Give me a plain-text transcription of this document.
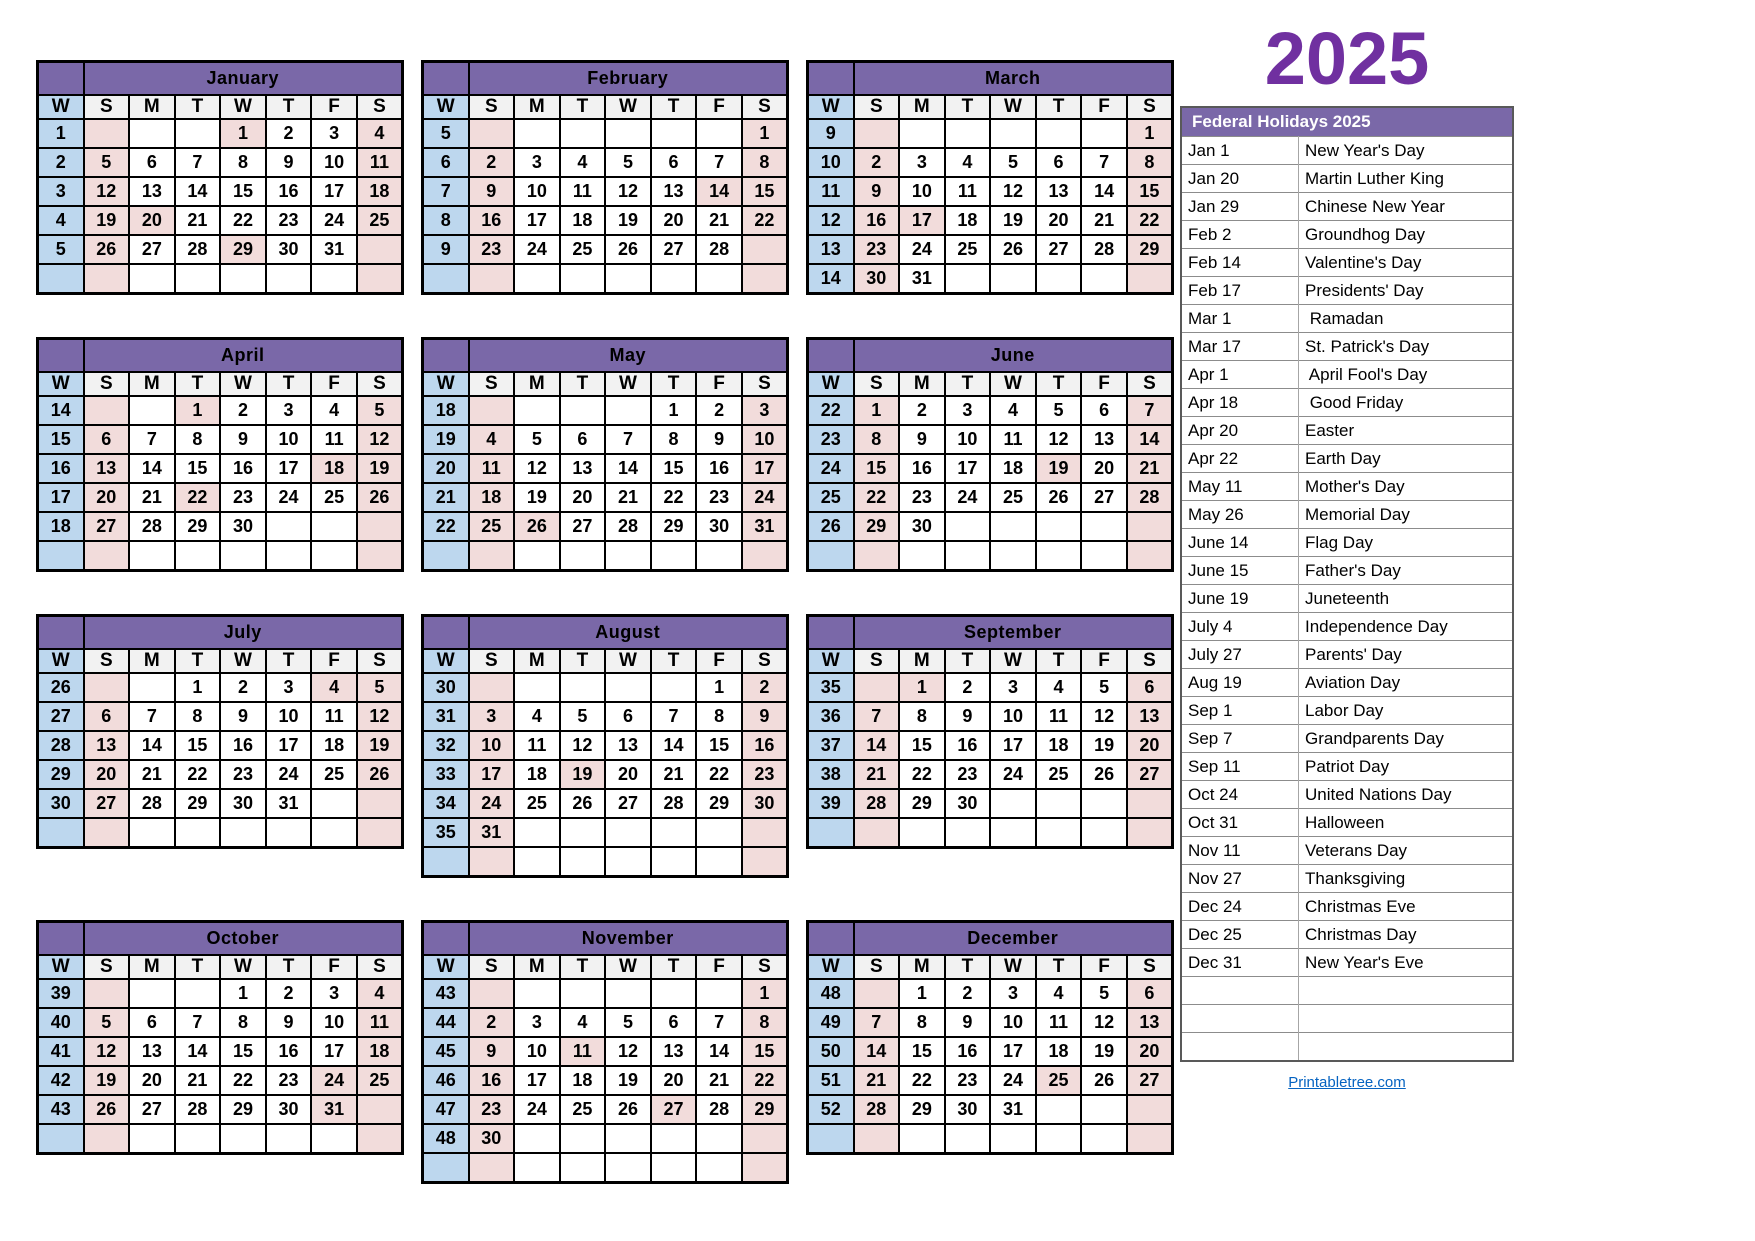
	January						
W	S	M	T	W	T	F	S
1				1	2	3	4
2	5	6	7	8	9	10	11
3	12	13	14	15	16	17	18
4	19	20	21	22	23	24	25
5	26	27	28	29	30	31	

	February						
W	S	M	T	W	T	F	S
5							1
6	2	3	4	5	6	7	8
7	9	10	11	12	13	14	15
8	16	17	18	19	20	21	22
9	23	24	25	26	27	28	

	March						
W	S	M	T	W	T	F	S
9							1
10	2	3	4	5	6	7	8
11	9	10	11	12	13	14	15
12	16	17	18	19	20	21	22
13	23	24	25	26	27	28	29
14	30	31					
	April						
W	S	M	T	W	T	F	S
14			1	2	3	4	5
15	6	7	8	9	10	11	12
16	13	14	15	16	17	18	19
17	20	21	22	23	24	25	26
18	27	28	29	30			

	May						
W	S	M	T	W	T	F	S
18					1	2	3
19	4	5	6	7	8	9	10
20	11	12	13	14	15	16	17
21	18	19	20	21	22	23	24
22	25	26	27	28	29	30	31

	June						
W	S	M	T	W	T	F	S
22	1	2	3	4	5	6	7
23	8	9	10	11	12	13	14
24	15	16	17	18	19	20	21
25	22	23	24	25	26	27	28
26	29	30					

	July						
W	S	M	T	W	T	F	S
26			1	2	3	4	5
27	6	7	8	9	10	11	12
28	13	14	15	16	17	18	19
29	20	21	22	23	24	25	26
30	27	28	29	30	31		

	August						
W	S	M	T	W	T	F	S
30						1	2
31	3	4	5	6	7	8	9
32	10	11	12	13	14	15	16
33	17	18	19	20	21	22	23
34	24	25	26	27	28	29	30
35	31						

	September						
W	S	M	T	W	T	F	S
35		1	2	3	4	5	6
36	7	8	9	10	11	12	13
37	14	15	16	17	18	19	20
38	21	22	23	24	25	26	27
39	28	29	30				

	October						
W	S	M	T	W	T	F	S
39				1	2	3	4
40	5	6	7	8	9	10	11
41	12	13	14	15	16	17	18
42	19	20	21	22	23	24	25
43	26	27	28	29	30	31	

	November						
W	S	M	T	W	T	F	S
43							1
44	2	3	4	5	6	7	8
45	9	10	11	12	13	14	15
46	16	17	18	19	20	21	22
47	23	24	25	26	27	28	29
48	30						

	December						
W	S	M	T	W	T	F	S
48		1	2	3	4	5	6
49	7	8	9	10	11	12	13
50	14	15	16	17	18	19	20
51	21	22	23	24	25	26	27
52	28	29	30	31			

2025
Federal Holidays 2025	
Jan 1	New Year's Day
Jan 20	Martin Luther King
Jan 29	Chinese New Year
Feb 2	Groundhog Day
Feb 14	Valentine's Day
Feb 17	Presidents' Day
Mar 1	Ramadan
Mar 17	St. Patrick's Day
Apr 1	April Fool's Day
Apr 18	Good Friday
Apr 20	Easter
Apr 22	Earth Day
May 11	Mother's Day
May 26	Memorial Day
June 14	Flag Day
June 15	Father's Day
June 19	Juneteenth
July 4	Independence Day
July 27	Parents' Day
Aug 19	Aviation Day
Sep 1	Labor Day
Sep 7	Grandparents Day
Sep 11	Patriot Day
Oct 24	United Nations Day
Oct 31	Halloween
Nov 11	Veterans Day
Nov 27	Thanksgiving
Dec 24	Christmas Eve
Dec 25	Christmas Day
Dec 31	New Year's Eve

Printabletree.com
